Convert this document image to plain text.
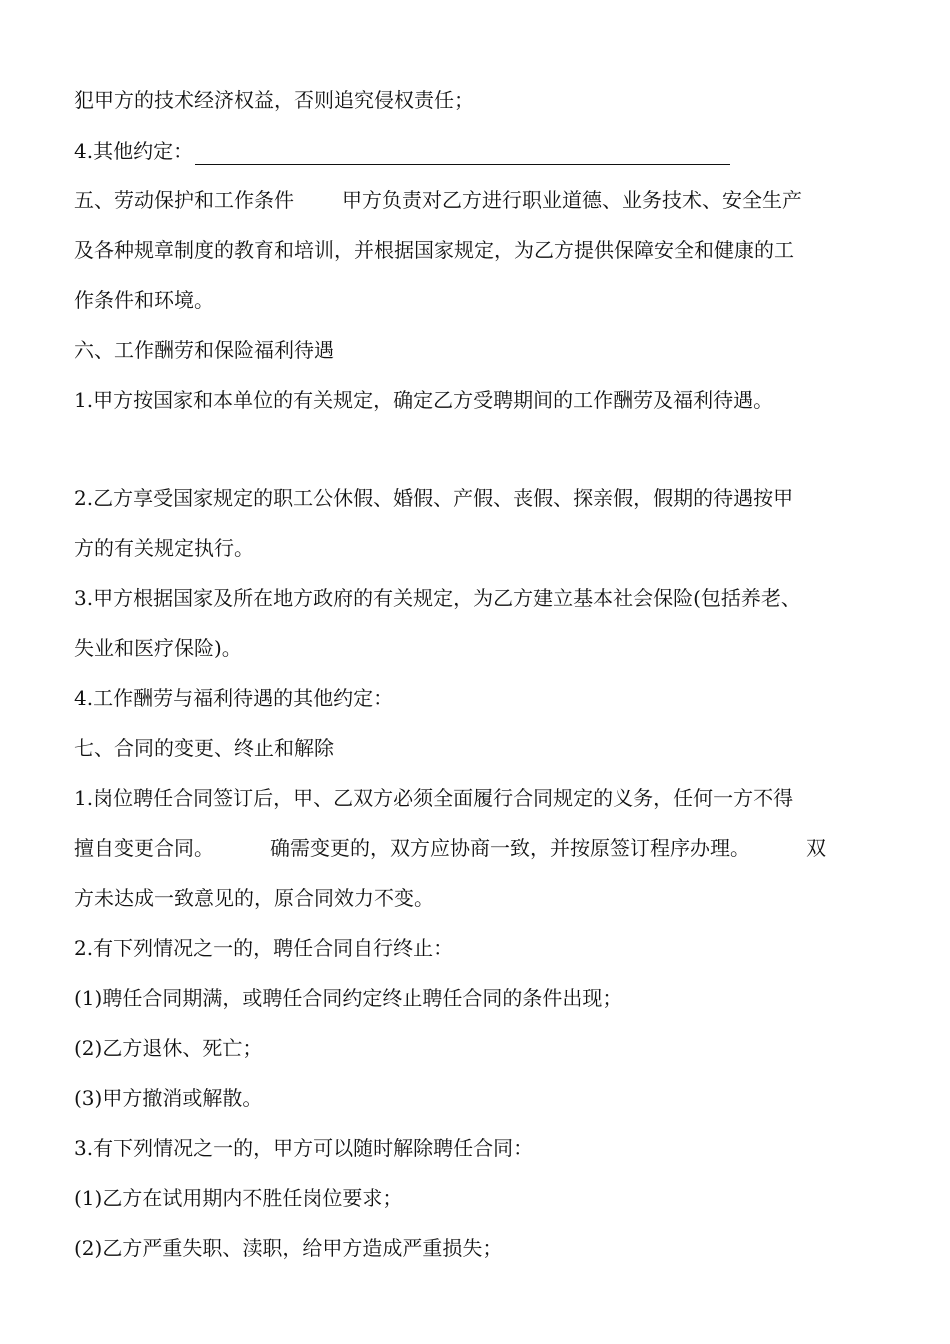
犯甲方的技术经济权益，否则追究侵权责任；
4.其他约定：
五、劳动保护和工作条件 甲方负责对乙方进行职业道德、业务技术、安全生产
及各种规章制度的教育和培训，并根据国家规定，为乙方提供保障安全和健康的工
作条件和环境。
六、工作酬劳和保险福利待遇
1.甲方按国家和本单位的有关规定，确定乙方受聘期间的工作酬劳及福利待遇。
2.乙方享受国家规定的职工公休假、婚假、产假、丧假、探亲假，假期的待遇按甲
方的有关规定执行。
3.甲方根据国家及所在地方政府的有关规定，为乙方建立基本社会保险(包括养老、
失业和医疗保险)。
4.工作酬劳与福利待遇的其他约定：
七、合同的变更、终止和解除
1.岗位聘任合同签订后，甲、乙双方必须全面履行合同规定的义务，任何一方不得
擅自变更合同。	确需变更的，双方应协商一致，并按原签订程序办理。	双
方未达成一致意见的，原合同效力不变。
2.有下列情况之一的，聘任合同自行终止：
(1)聘任合同期满，或聘任合同约定终止聘任合同的条件出现；
(2)乙方退休、死亡；
(3)甲方撤消或解散。
3.有下列情况之一的，甲方可以随时解除聘任合同：
(1)乙方在试用期内不胜任岗位要求；
(2)乙方严重失职、渎职，给甲方造成严重损失；
